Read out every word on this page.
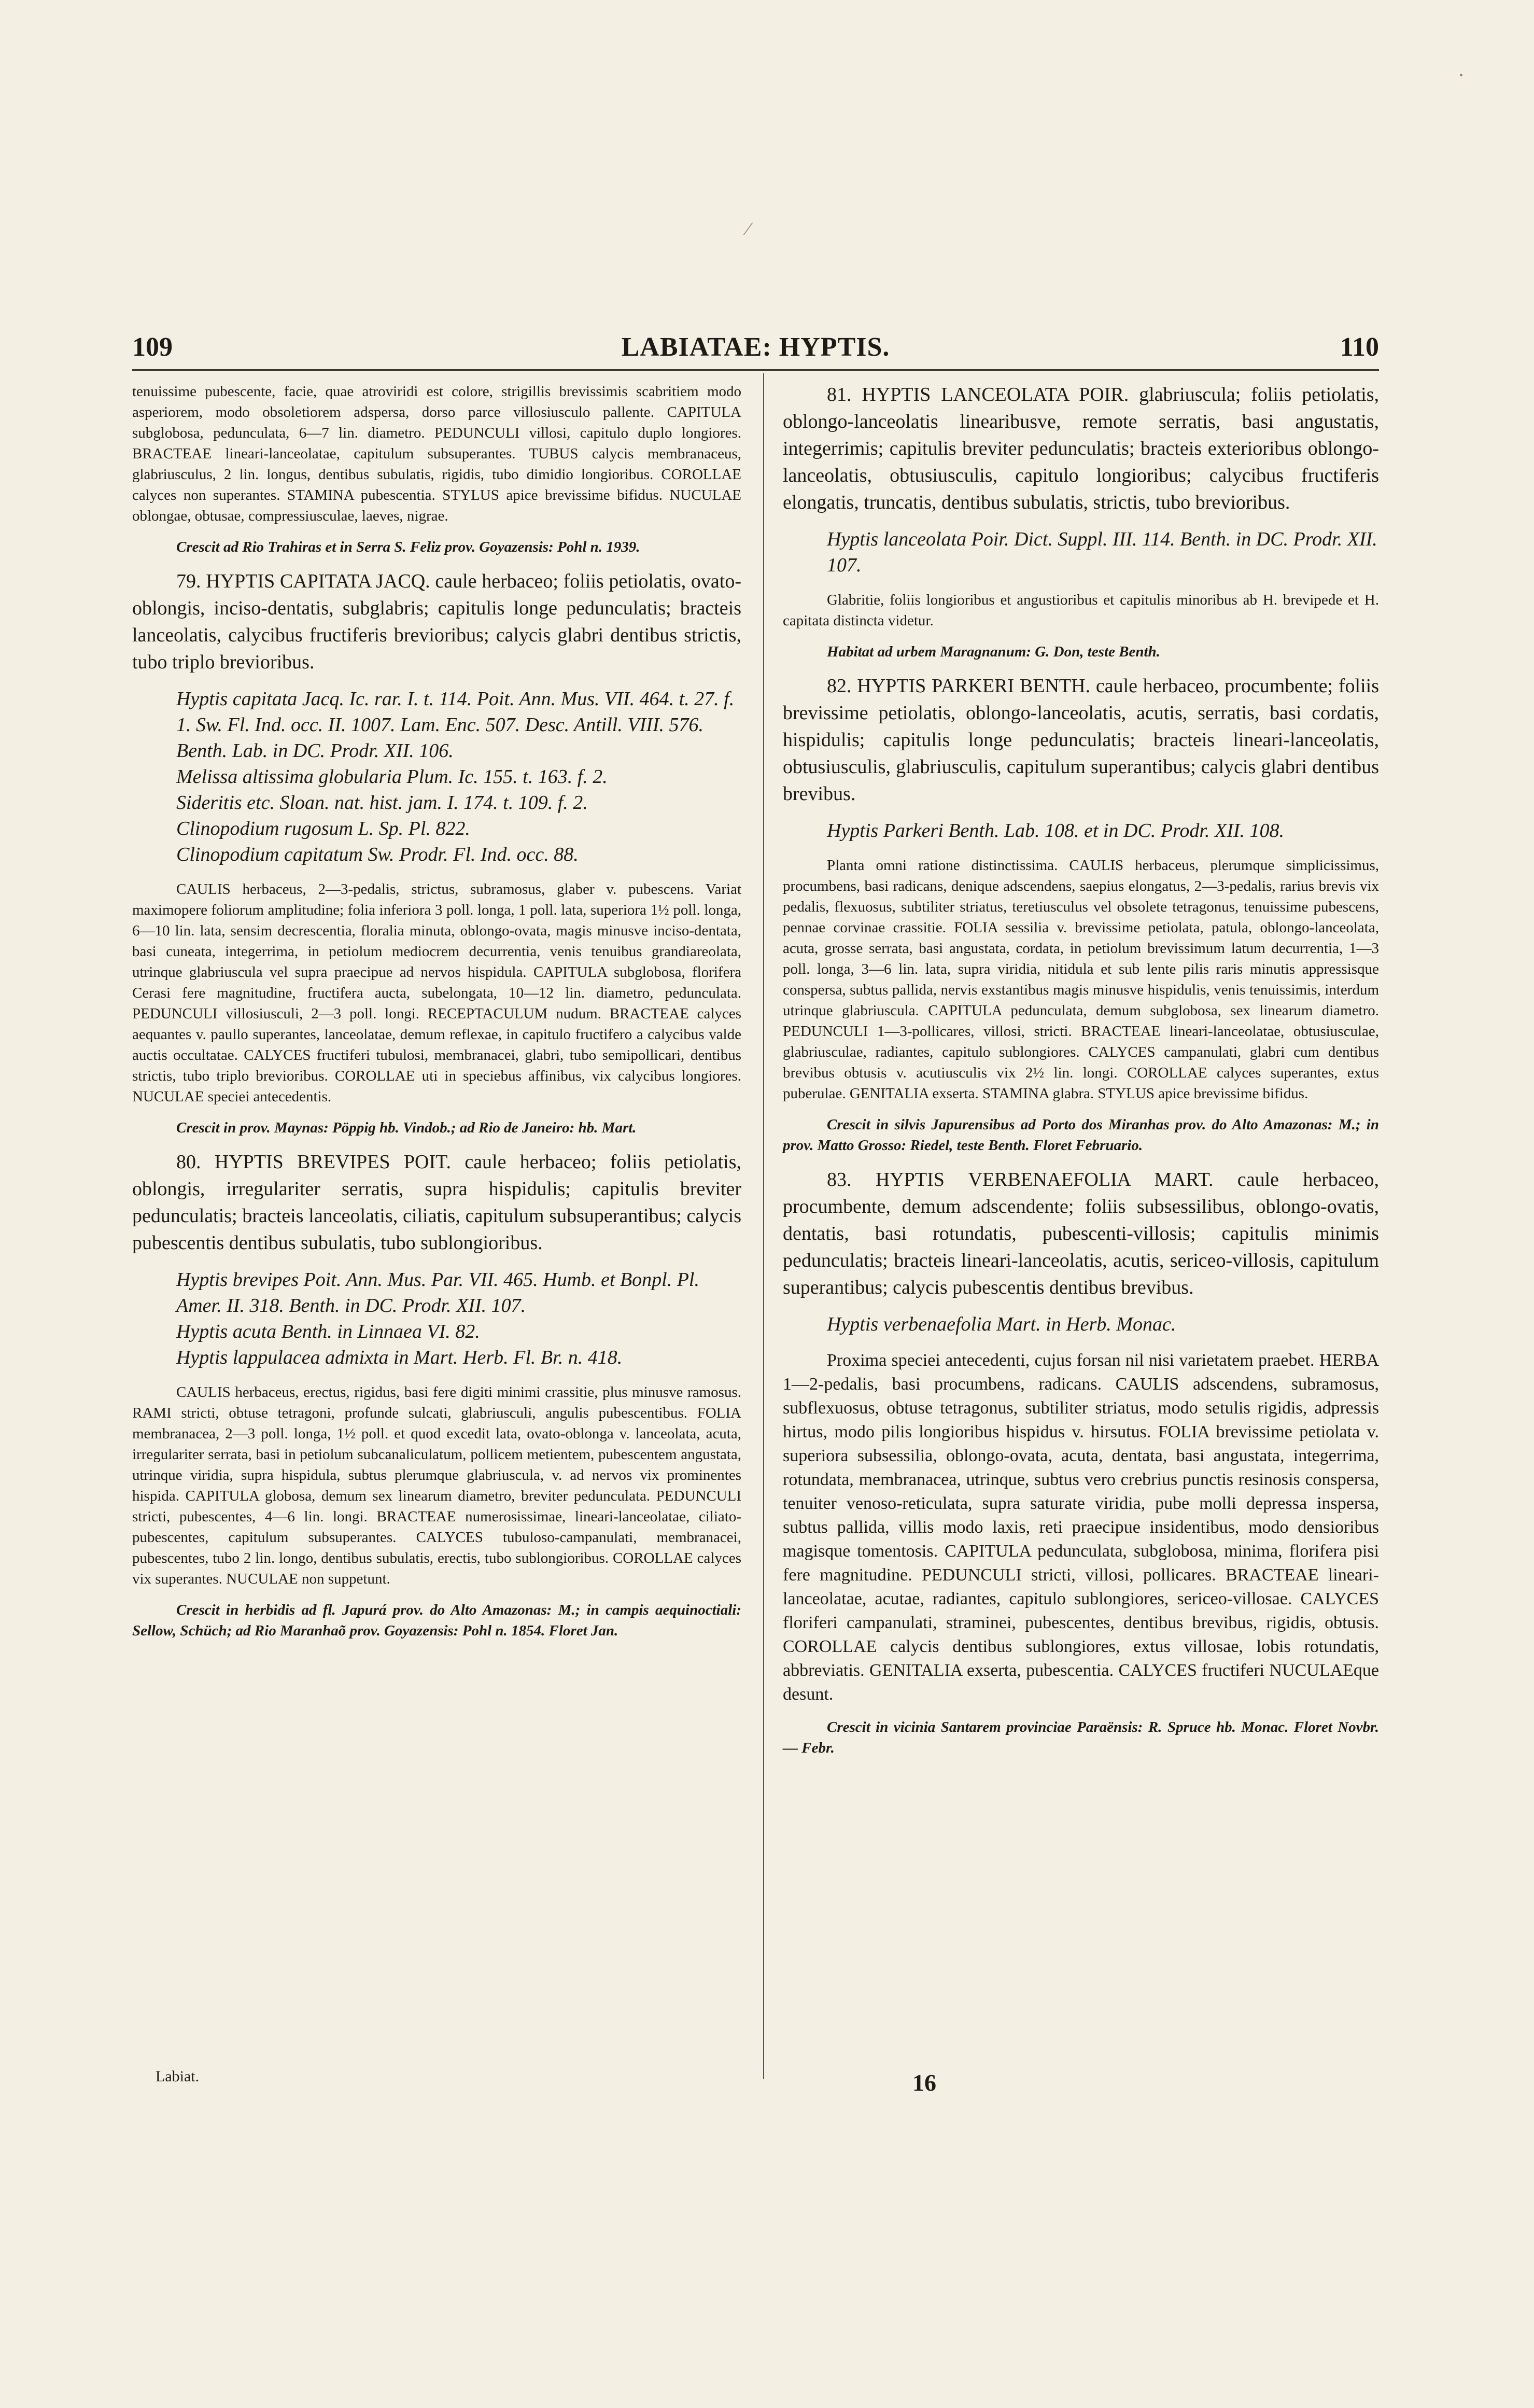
⁄
•
109	LABIATAE: HYPTIS.	110

tenuissime pubescente, facie, quae atroviridi est colore, strigillis brevissimis scabritiem modo asperiorem, modo obsoletiorem adspersa, dorso parce villosiusculo pallente. CAPITULA subglobosa, pedunculata, 6—7 lin. diametro. PEDUNCULI villosi, capitulo duplo longiores. BRACTEAE lineari-lanceolatae, capitulum subsuperantes. TUBUS calycis membranaceus, glabriusculus, 2 lin. longus, dentibus subulatis, rigidis, tubo dimidio longioribus. COROLLAE calyces non superantes. STAMINA pubescentia. STYLUS apice brevissime bifidus. NUCULAE oblongae, obtusae, compressiusculae, laeves, nigrae.

Crescit ad Rio Trahiras et in Serra S. Feliz prov. Goyazensis: Pohl n. 1939.

79. HYPTIS CAPITATA JACQ. caule herbaceo; foliis petiolatis, ovato-oblongis, inciso-dentatis, subglabris; capitulis longe pedunculatis; bracteis lanceolatis, calycibus fructiferis brevioribus; calycis glabri dentibus strictis, tubo triplo brevioribus.

Hyptis capitata Jacq. Ic. rar. I. t. 114. Poit. Ann. Mus. VII. 464. t. 27. f. 1. Sw. Fl. Ind. occ. II. 1007. Lam. Enc. 507. Desc. Antill. VIII. 576. Benth. Lab. in DC. Prodr. XII. 106.
Melissa altissima globularia Plum. Ic. 155. t. 163. f. 2.
Sideritis etc. Sloan. nat. hist. jam. I. 174. t. 109. f. 2.
Clinopodium rugosum L. Sp. Pl. 822.
Clinopodium capitatum Sw. Prodr. Fl. Ind. occ. 88.

CAULIS herbaceus, 2—3-pedalis, strictus, subramosus, glaber v. pubescens. Variat maximopere foliorum amplitudine; folia inferiora 3 poll. longa, 1 poll. lata, superiora 1½ poll. longa, 6—10 lin. lata, sensim decrescentia, floralia minuta, oblongo-ovata, magis minusve inciso-dentata, basi cuneata, integerrima, in petiolum mediocrem decurrentia, venis tenuibus grandiareolata, utrinque glabriuscula vel supra praecipue ad nervos hispidula. CAPITULA subglobosa, florifera Cerasi fere magnitudine, fructifera aucta, subelongata, 10—12 lin. diametro, pedunculata. PEDUNCULI villosiusculi, 2—3 poll. longi. RECEPTACULUM nudum. BRACTEAE calyces aequantes v. paullo superantes, lanceolatae, demum reflexae, in capitulo fructifero a calycibus valde auctis occultatae. CALYCES fructiferi tubulosi, membranacei, glabri, tubo semipollicari, dentibus strictis, tubo triplo brevioribus. COROLLAE uti in speciebus affinibus, vix calycibus longiores. NUCULAE speciei antecedentis.

Crescit in prov. Maynas: Pöppig hb. Vindob.; ad Rio de Janeiro: hb. Mart.

80. HYPTIS BREVIPES POIT. caule herbaceo; foliis petiolatis, oblongis, irregulariter serratis, supra hispidulis; capitulis breviter pedunculatis; bracteis lanceolatis, ciliatis, capitulum subsuperantibus; calycis pubescentis dentibus subulatis, tubo sublongioribus.

Hyptis brevipes Poit. Ann. Mus. Par. VII. 465. Humb. et Bonpl. Pl. Amer. II. 318. Benth. in DC. Prodr. XII. 107.
Hyptis acuta Benth. in Linnaea VI. 82.
Hyptis lappulacea admixta in Mart. Herb. Fl. Br. n. 418.

CAULIS herbaceus, erectus, rigidus, basi fere digiti minimi crassitie, plus minusve ramosus. RAMI stricti, obtuse tetragoni, profunde sulcati, glabriusculi, angulis pubescentibus. FOLIA membranacea, 2—3 poll. longa, 1½ poll. et quod excedit lata, ovato-oblonga v. lanceolata, acuta, irregulariter serrata, basi in petiolum subcanaliculatum, pollicem metientem, pubescentem angustata, utrinque viridia, supra hispidula, subtus plerumque glabriuscula, v. ad nervos vix prominentes hispida. CAPITULA globosa, demum sex linearum diametro, breviter pedunculata. PEDUNCULI stricti, pubescentes, 4—6 lin. longi. BRACTEAE numerosissimae, lineari-lanceolatae, ciliato-pubescentes, capitulum subsuperantes. CALYCES tubuloso-campanulati, membranacei, pubescentes, tubo 2 lin. longo, dentibus subulatis, erectis, tubo sublongioribus. COROLLAE calyces vix superantes. NUCULAE non suppetunt.

Crescit in herbidis ad fl. Japurá prov. do Alto Amazonas: M.; in campis aequinoctiali: Sellow, Schüch; ad Rio Maranhaõ prov. Goyazensis: Pohl n. 1854. Floret Jan.

81. HYPTIS LANCEOLATA POIR. glabriuscula; foliis petiolatis, oblongo-lanceolatis linearibusve, remote serratis, basi angustatis, integerrimis; capitulis breviter pedunculatis; bracteis exterioribus oblongo-lanceolatis, obtusiusculis, capitulo longioribus; calycibus fructiferis elongatis, truncatis, dentibus subulatis, strictis, tubo brevioribus.

Hyptis lanceolata Poir. Dict. Suppl. III. 114. Benth. in DC. Prodr. XII. 107.

Glabritie, foliis longioribus et angustioribus et capitulis minoribus ab H. brevipede et H. capitata distincta videtur.

Habitat ad urbem Maragnanum: G. Don, teste Benth.

82. HYPTIS PARKERI BENTH. caule herbaceo, procumbente; foliis brevissime petiolatis, oblongo-lanceolatis, acutis, serratis, basi cordatis, hispidulis; capitulis longe pedunculatis; bracteis lineari-lanceolatis, obtusiusculis, glabriusculis, capitulum superantibus; calycis glabri dentibus brevibus.

Hyptis Parkeri Benth. Lab. 108. et in DC. Prodr. XII. 108.

Planta omni ratione distinctissima. CAULIS herbaceus, plerumque simplicissimus, procumbens, basi radicans, denique adscendens, saepius elongatus, 2—3-pedalis, rarius brevis vix pedalis, flexuosus, subtiliter striatus, teretiusculus vel obsolete tetragonus, tenuissime pubescens, pennae corvinae crassitie. FOLIA sessilia v. brevissime petiolata, patula, oblongo-lanceolata, acuta, grosse serrata, basi angustata, cordata, in petiolum brevissimum latum decurrentia, 1—3 poll. longa, 3—6 lin. lata, supra viridia, nitidula et sub lente pilis raris minutis appressisque conspersa, subtus pallida, nervis exstantibus magis minusve hispidulis, venis tenuissimis, interdum utrinque glabriuscula. CAPITULA pedunculata, demum subglobosa, sex linearum diametro. PEDUNCULI 1—3-pollicares, villosi, stricti. BRACTEAE lineari-lanceolatae, obtusiusculae, glabriusculae, radiantes, capitulo sublongiores. CALYCES campanulati, glabri cum dentibus brevibus obtusis v. acutiusculis vix 2½ lin. longi. COROLLAE calyces superantes, extus puberulae. GENITALIA exserta. STAMINA glabra. STYLUS apice brevissime bifidus.

Crescit in silvis Japurensibus ad Porto dos Miranhas prov. do Alto Amazonas: M.; in prov. Matto Grosso: Riedel, teste Benth. Floret Februario.

83. HYPTIS VERBENAEFOLIA MART. caule herbaceo, procumbente, demum adscendente; foliis subsessilibus, oblongo-ovatis, dentatis, basi rotundatis, pubescenti-villosis; capitulis minimis pedunculatis; bracteis lineari-lanceolatis, acutis, sericeo-villosis, capitulum superantibus; calycis pubescentis dentibus brevibus.

Hyptis verbenaefolia Mart. in Herb. Monac.

Proxima speciei antecedenti, cujus forsan nil nisi varietatem praebet. HERBA 1—2-pedalis, basi procumbens, radicans. CAULIS adscendens, subramosus, subflexuosus, obtuse tetragonus, subtiliter striatus, modo setulis rigidis, adpressis hirtus, modo pilis longioribus hispidus v. hirsutus. FOLIA brevissime petiolata v. superiora subsessilia, oblongo-ovata, acuta, dentata, basi angustata, integerrima, rotundata, membranacea, utrinque, subtus vero crebrius punctis resinosis conspersa, tenuiter venoso-reticulata, supra saturate viridia, pube molli depressa inspersa, subtus pallida, villis modo laxis, reti praecipue insidentibus, modo densioribus magisque tomentosis. CAPITULA pedunculata, subglobosa, minima, florifera pisi fere magnitudine. PEDUNCULI stricti, villosi, pollicares. BRACTEAE lineari-lanceolatae, acutae, radiantes, capitulo sublongiores, sericeo-villosae. CALYCES floriferi campanulati, straminei, pubescentes, dentibus brevibus, rigidis, obtusis. COROLLAE calycis dentibus sublongiores, extus villosae, lobis rotundatis, abbreviatis. GENITALIA exserta, pubescentia. CALYCES fructiferi NUCULAEque desunt.

Crescit in vicinia Santarem provinciae Paraënsis: R. Spruce hb. Monac. Floret Novbr. — Febr.

Labiat.	16
